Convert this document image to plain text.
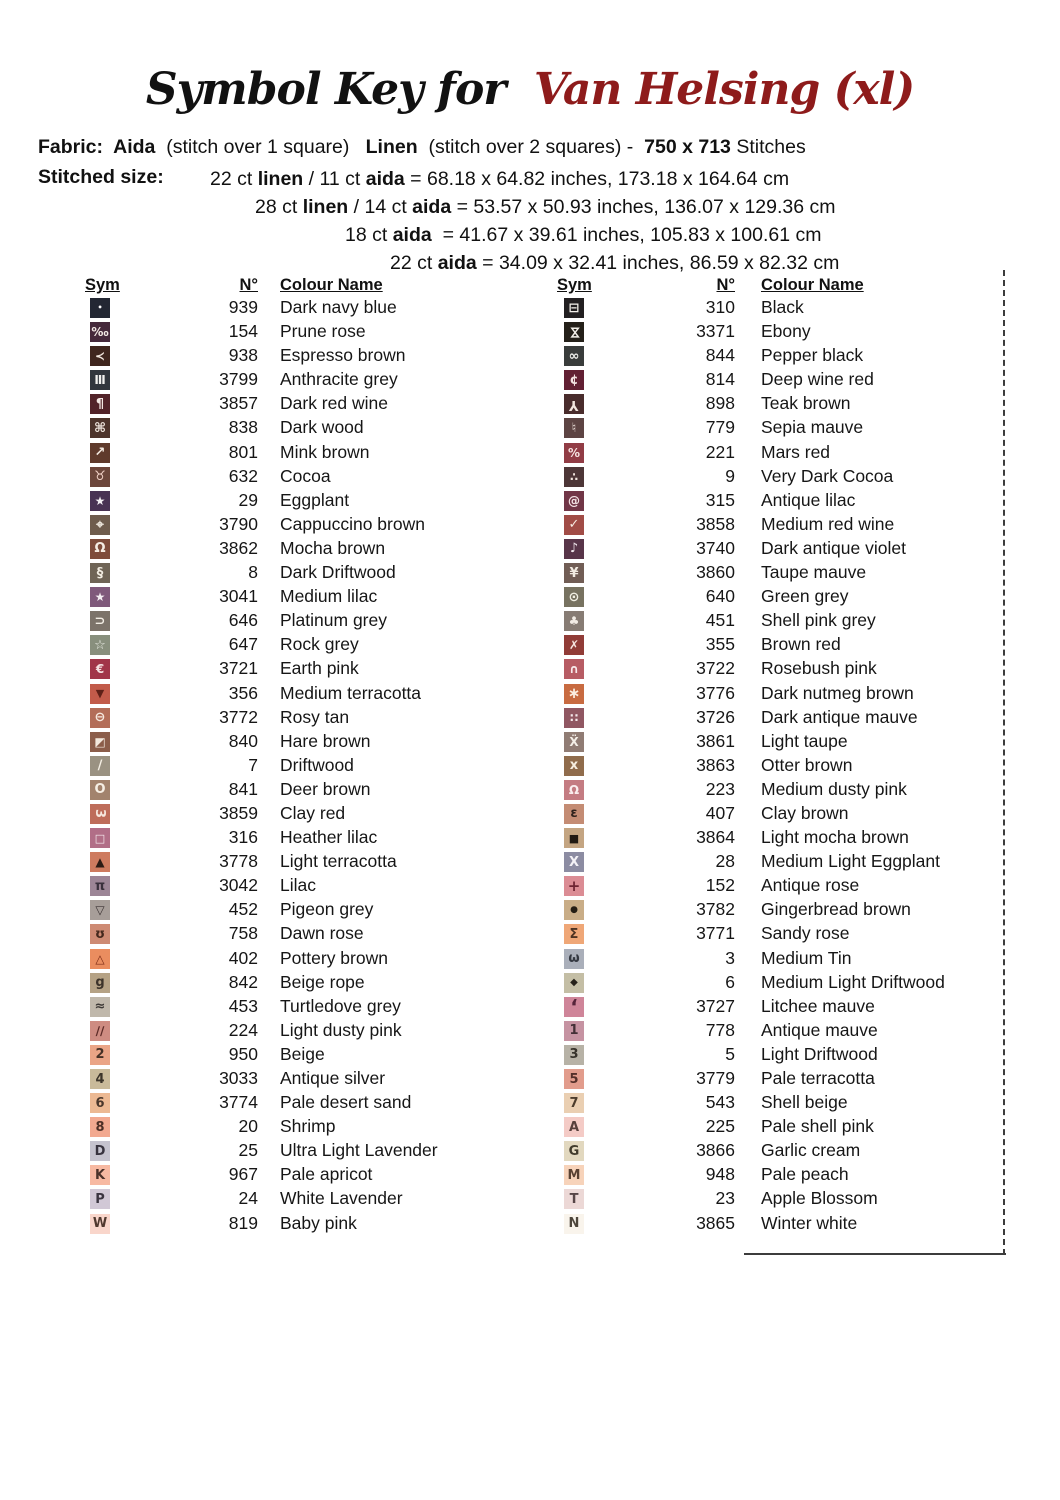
Symbol Key for Van Helsing (xl)
Fabric:  Aida  (stitch over 1 square)   Linen  (stitch over 2 squares) -  750 x 713 Stitches
Stitched size:	22 ct linen / 11 ct aida = 68.18 x 64.82 inches, 173.18 x 164.64 cm
28 ct linen / 14 ct aida = 53.57 x 50.93 inches, 136.07 x 129.36 cm
18 ct aida  = 41.67 x 39.61 inches, 105.83 x 100.61 cm
22 ct aida = 34.09 x 32.41 inches, 86.59 x 82.32 cm
Sym	N° Colour Name	Sym	N° Colour Name
•	939 Dark navy blue
‰	154 Prune rose
≺	938 Espresso brown
Ⅲ	3799 Anthracite grey
¶	3857 Dark red wine
⌘	838 Dark wood
↗	801 Mink brown
♉	632 Cocoa
★	29 Eggplant
⌖	3790 Cappuccino brown
Ω	3862 Mocha brown
§	8 Dark Driftwood
★	3041 Medium lilac
⊃	646 Platinum grey
☆	647 Rock grey
€	3721 Earth pink
▼	356 Medium terracotta
⊖	3772 Rosy tan
◩	840 Hare brown
∕	7 Driftwood
O	841 Deer brown
3	3859 Clay red
□	316 Heather lilac
▲	3778 Light terracotta
π	3042 Lilac
▽	452 Pigeon grey
ʊ	758 Dawn rose
△	402 Pottery brown
g	842 Beige rope
≈	453 Turtledove grey
∕∕	224 Light dusty pink
2	950 Beige
4	3033 Antique silver
6	3774 Pale desert sand
8	20 Shrimp
D	25 Ultra Light Lavender
K	967 Pale apricot
P	24 White Lavender
W	819 Baby pink
⊟	310 Black
⋈	3371 Ebony
∞	844 Pepper black
¢	814 Deep wine red
Y	898 Teak brown
♮	779 Sepia mauve
%	221 Mars red
∴	9 Very Dark Cocoa
@	315 Antique lilac
✓	3858 Medium red wine
♪	3740 Dark antique violet
¥	3860 Taupe mauve
⊙	640 Green grey
♣	451 Shell pink grey
✗	355 Brown red
∩	3722 Rosebush pink
∗	3776 Dark nutmeg brown
∷	3726 Dark antique mauve
Ẍ	3861 Light taupe
x	3863 Otter brown
Ω	223 Medium dusty pink
ε	407 Clay brown
■	3864 Light mocha brown
Χ	28 Medium Light Eggplant
+	152 Antique rose
●	3782 Gingerbread brown
Σ	3771 Sandy rose
ω	3 Medium Tin
◆	6 Medium Light Driftwood
‘	3727 Litchee mauve
1	778 Antique mauve
3	5 Light Driftwood
5	3779 Pale terracotta
7	543 Shell beige
A	225 Pale shell pink
G	3866 Garlic cream
M	948 Pale peach
T	23 Apple Blossom
N	3865 Winter white
